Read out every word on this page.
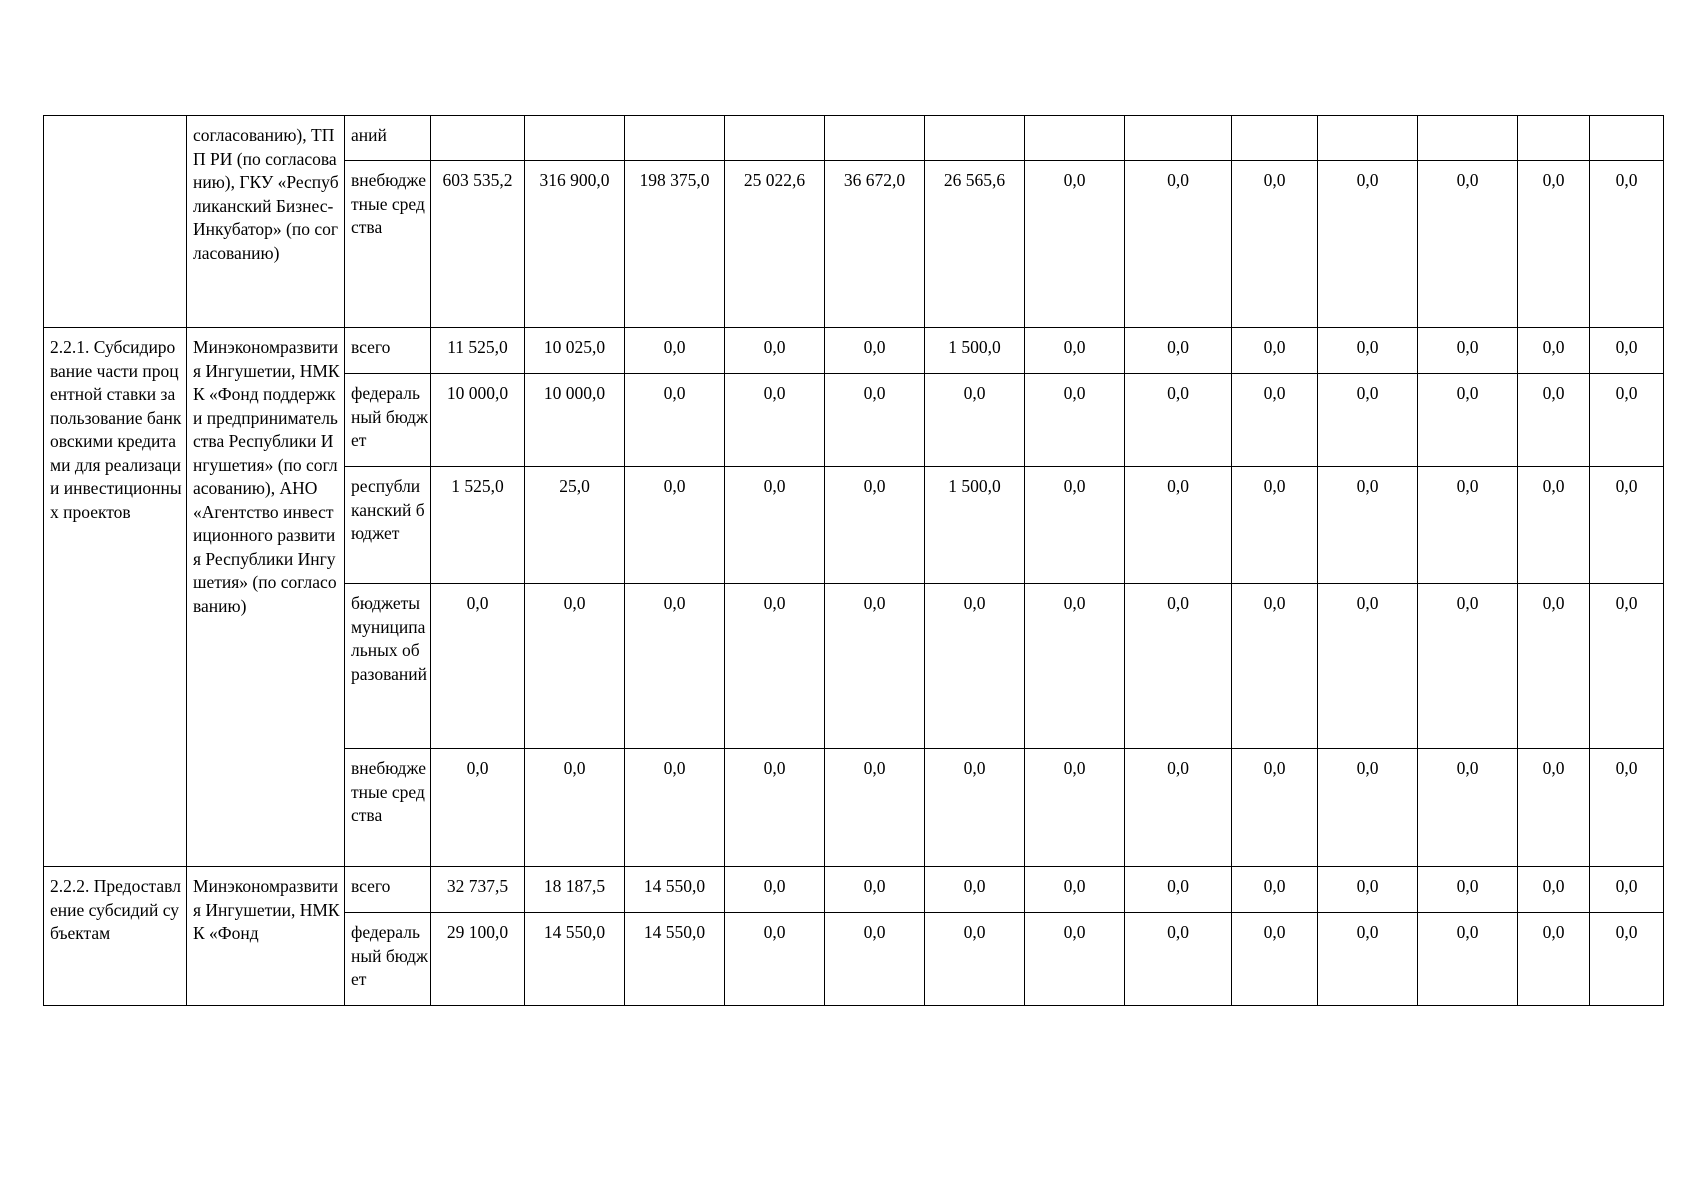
	согласованию), ТПП РИ (по согласованию), ГКУ «Республиканский Бизнес-Инкубатор» (по согласованию)	аний													
		внебюджетные средства	603 535,2	316 900,0	198 375,0	25 022,6	36 672,0	26 565,6	0,0	0,0	0,0	0,0	0,0	0,0	0,0
2.2.1. Субсидирование части процентной ставки за пользование банковскими кредитами для реализации инвестиционных проектов	Минэкономразвития Ингушетии, НМКК «Фонд поддержки предпринимательства Республики Ингушетия» (по согласованию), АНО «Агентство инвестиционного развития Республики Ингушетия» (по согласованию)	всего	11 525,0	10 025,0	0,0	0,0	0,0	1 500,0	0,0	0,0	0,0	0,0	0,0	0,0	0,0
		федеральный бюджет	10 000,0	10 000,0	0,0	0,0	0,0	0,0	0,0	0,0	0,0	0,0	0,0	0,0	0,0
		республиканский бюджет	1 525,0	25,0	0,0	0,0	0,0	1 500,0	0,0	0,0	0,0	0,0	0,0	0,0	0,0
		бюджеты муниципальных образований	0,0	0,0	0,0	0,0	0,0	0,0	0,0	0,0	0,0	0,0	0,0	0,0	0,0
		внебюджетные средства	0,0	0,0	0,0	0,0	0,0	0,0	0,0	0,0	0,0	0,0	0,0	0,0	0,0
2.2.2. Предоставление субсидий субъектам	Минэкономразвития Ингушетии, НМКК «Фонд	всего	32 737,5	18 187,5	14 550,0	0,0	0,0	0,0	0,0	0,0	0,0	0,0	0,0	0,0	0,0
		федеральный бюджет	29 100,0	14 550,0	14 550,0	0,0	0,0	0,0	0,0	0,0	0,0	0,0	0,0	0,0	0,0
